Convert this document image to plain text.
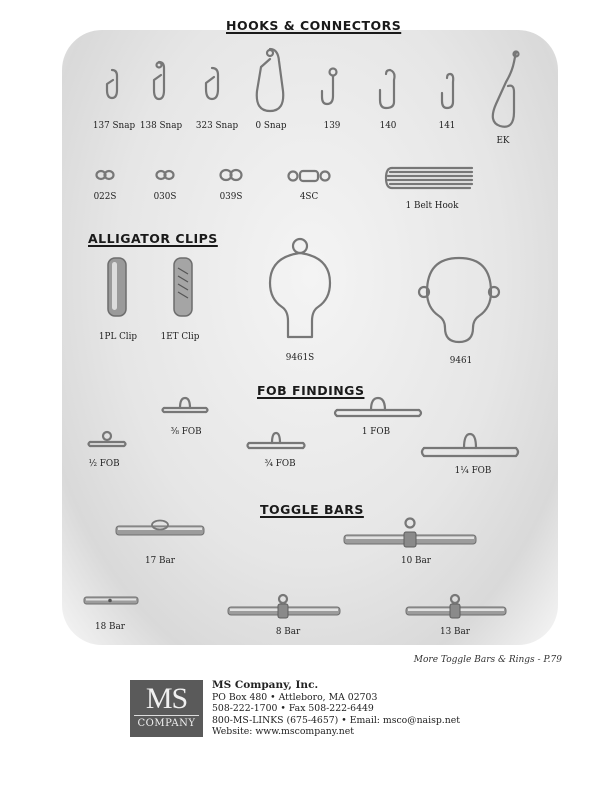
HOOKS & CONNECTORS
ALLIGATOR CLIPS
FOB FINDINGS
TOGGLE BARS
137 Snap 138 Snap 323 Snap 0 Snap	139	140	141
EK
022S	030S	039S	4SC
1 Belt Hook
1PL Clip	1ET Clip
9461S	9461
⅜ FOB	1 FOB
½ FOB	¾ FOB
1¼ FOB
17 Bar	10 Bar
18 Bar	8 Bar	13 Bar
More Toggle Bars & Rings - P.79
MS
COMPANY
MS Company, Inc.
PO Box 480 • Attleboro, MA 02703
508-222-1700 • Fax 508-222-6449
800-MS-LINKS (675-4657) • Email: msco@naisp.net
Website: www.mscompany.net
